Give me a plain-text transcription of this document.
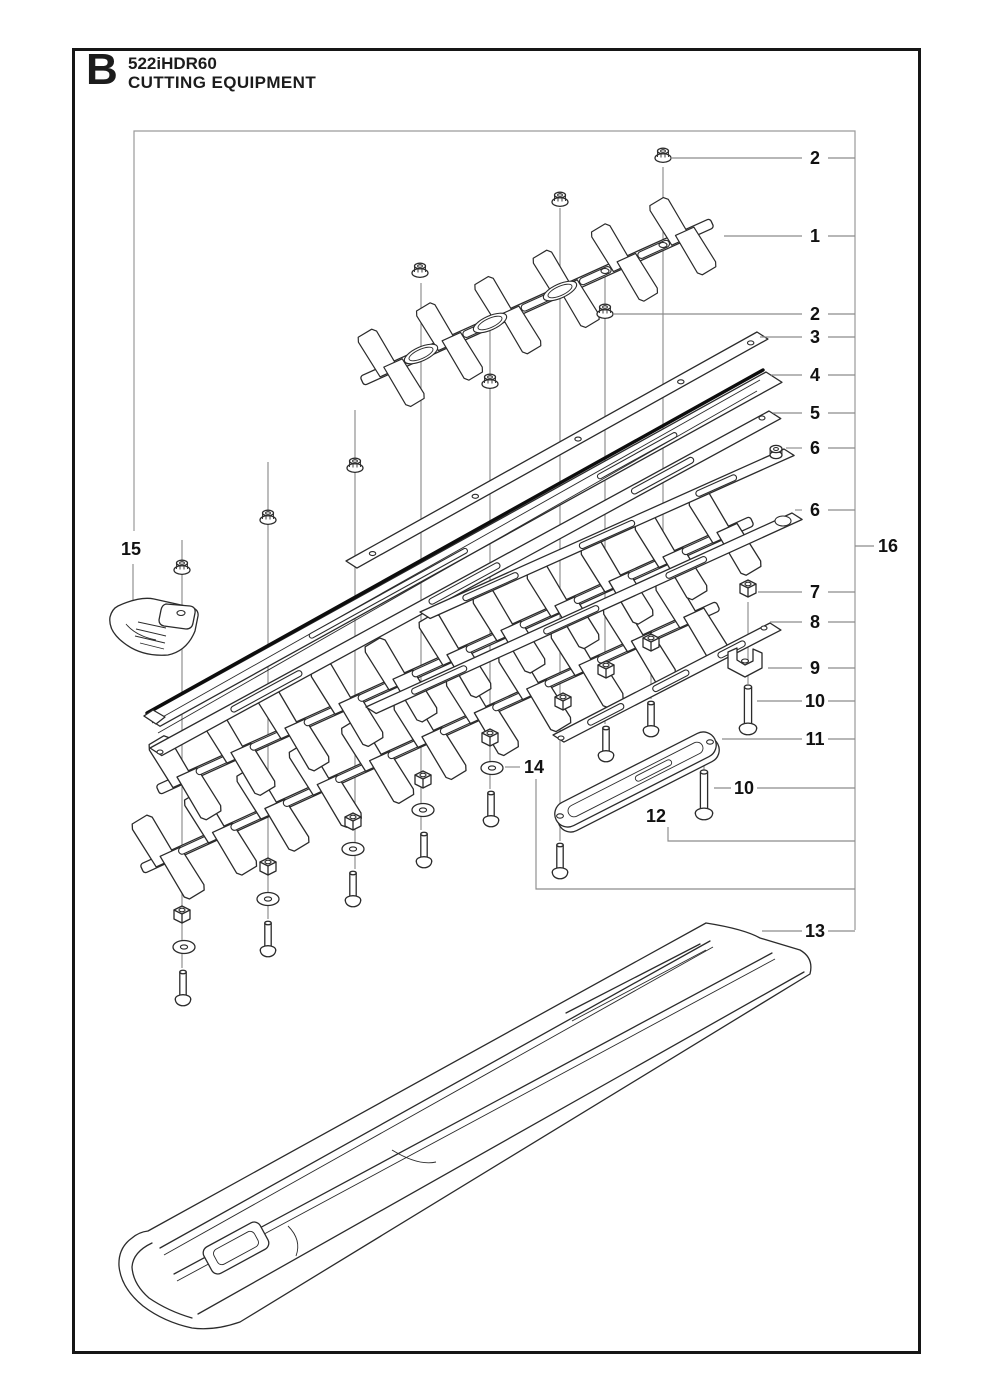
B 522iHDR60
CUTTING EQUIPMENT
2
1
2
3
4
5
6
6
7
8
9
10
11
10
12
13
14
15	16
